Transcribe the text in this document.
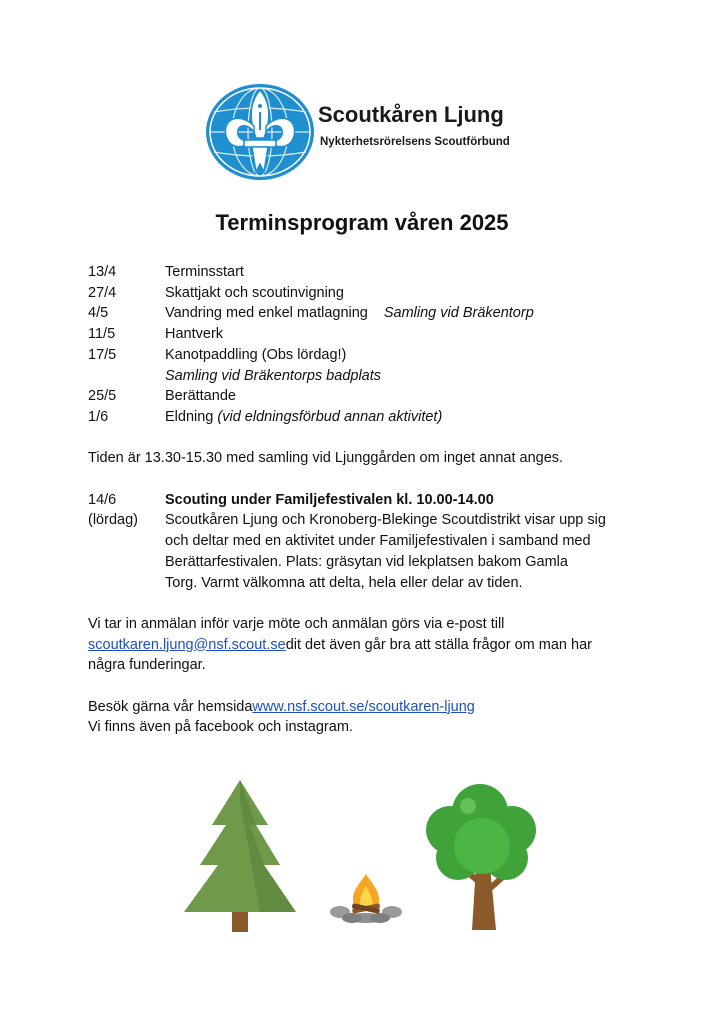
Scoutkåren Ljung
Nykterhetsrörelsens Scoutförbund
Terminsprogram våren 2025
13/4	Terminsstart
27/4	Skattjakt och scoutinvigning
4/5	Vandring med enkel matlagning Samling vid Bräkentorp
11/5	Hantverk
17/5	Kanotpaddling (Obs lördag!)
Samling vid Bräkentorps badplats
25/5	Berättande
1/6	Eldning (vid eldningsförbud annan aktivitet)
Tiden är 13.30-15.30 med samling vid Ljunggården om inget annat anges.
14/6	Scouting under Familjefestivalen kl. 10.00-14.00
(lördag)	Scoutkåren Ljung och Kronoberg-Blekinge Scoutdistrikt visar upp sig
och deltar med en aktivitet under Familjefestivalen i samband med
Berättarfestivalen. Plats: gräsytan vid lekplatsen bakom Gamla
Torg. Varmt välkomna att delta, hela eller delar av tiden.
Vi tar in anmälan inför varje möte och anmälan görs via e-post till
scoutkaren.ljung@nsf.scout.se dit det även går bra att ställa frågor om man har
några funderingar.
Besök gärna vår hemsida www.nsf.scout.se/scoutkaren-ljung
Vi finns även på facebook och instagram.
